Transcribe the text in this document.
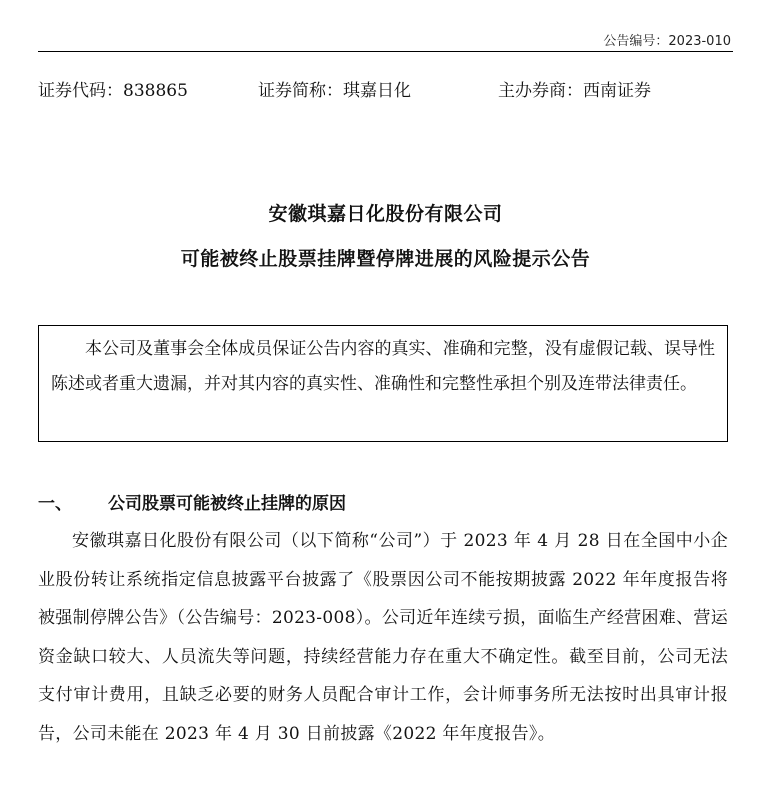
公告编号：2023-010
证券代码：838865	证券简称：琪嘉日化	主办券商：西南证券
安徽琪嘉日化股份有限公司
可能被终止股票挂牌暨停牌进展的风险提示公告
本公司及董事会全体成员保证公告内容的真实、准确和完整，没有虚假记载、误导性陈述或者重大遗漏，并对其内容的真实性、准确性和完整性承担个别及连带法律责任。
一、 公司股票可能被终止挂牌的原因
安徽琪嘉日化股份有限公司（以下简称“公司”）于 2023 年 4 月 28 日在全国中小企业股份转让系统指定信息披露平台披露了《股票因公司不能按期披露 2022 年年度报告将被强制停牌公告》（公告编号：2023-008）。公司近年连续亏损，面临生产经营困难、营运资金缺口较大、人员流失等问题，持续经营能力存在重大不确定性。截至目前，公司无法支付审计费用，且缺乏必要的财务人员配合审计工作，会计师事务所无法按时出具审计报告，公司未能在 2023 年 4 月 30 日前披露《2022 年年度报告》。
